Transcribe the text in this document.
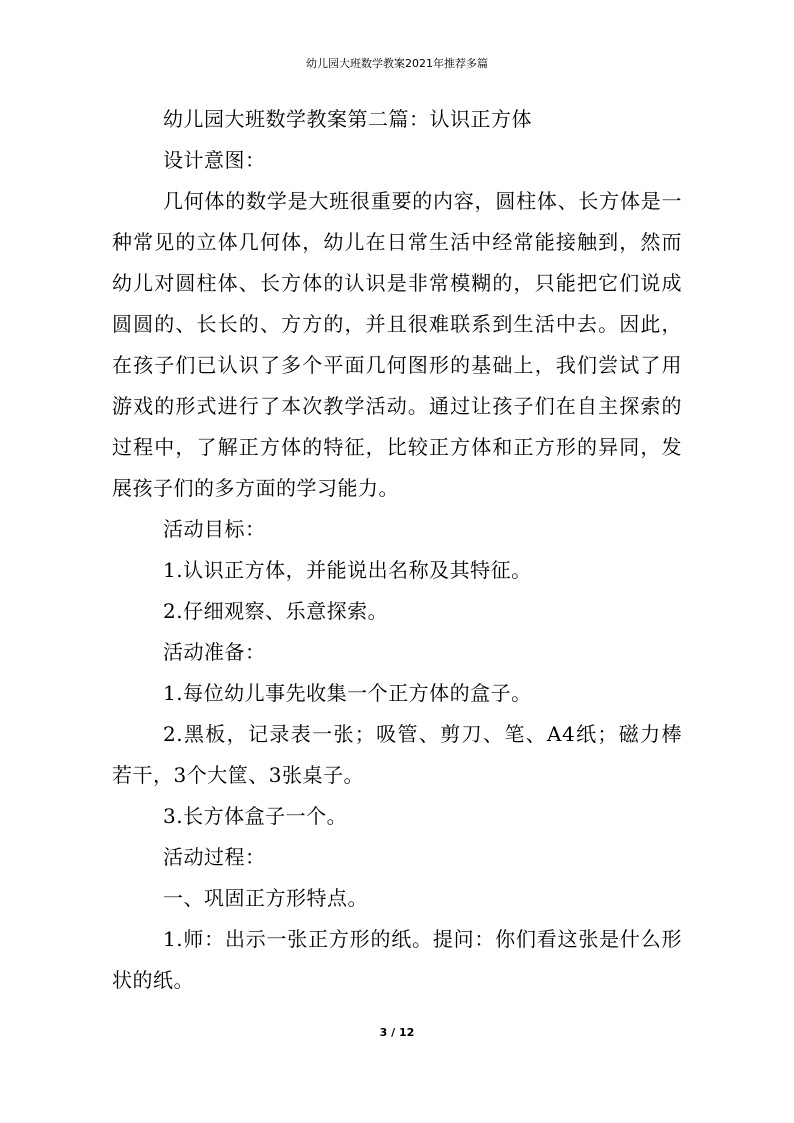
幼儿园大班数学教案2021年推荐多篇

幼儿园大班数学教案第二篇：认识正方体

设计意图：

几何体的数学是大班很重要的内容，圆柱体、长方体是一种常见的立体几何体，幼儿在日常生活中经常能接触到，然而幼儿对圆柱体、长方体的认识是非常模糊的，只能把它们说成圆圆的、长长的、方方的，并且很难联系到生活中去。因此，在孩子们已认识了多个平面几何图形的基础上，我们尝试了用游戏的形式进行了本次教学活动。通过让孩子们在自主探索的过程中，了解正方体的特征，比较正方体和正方形的异同，发展孩子们的多方面的学习能力。

活动目标：

1.认识正方体，并能说出名称及其特征。

2.仔细观察、乐意探索。

活动准备：

1.每位幼儿事先收集一个正方体的盒子。

2.黑板，记录表一张；吸管、剪刀、笔、A4纸；磁力棒若干，3个大筐、3张桌子。

3.长方体盒子一个。

活动过程：

一、巩固正方形特点。

1.师：出示一张正方形的纸。提问：你们看这张是什么形状的纸。

3 / 12
